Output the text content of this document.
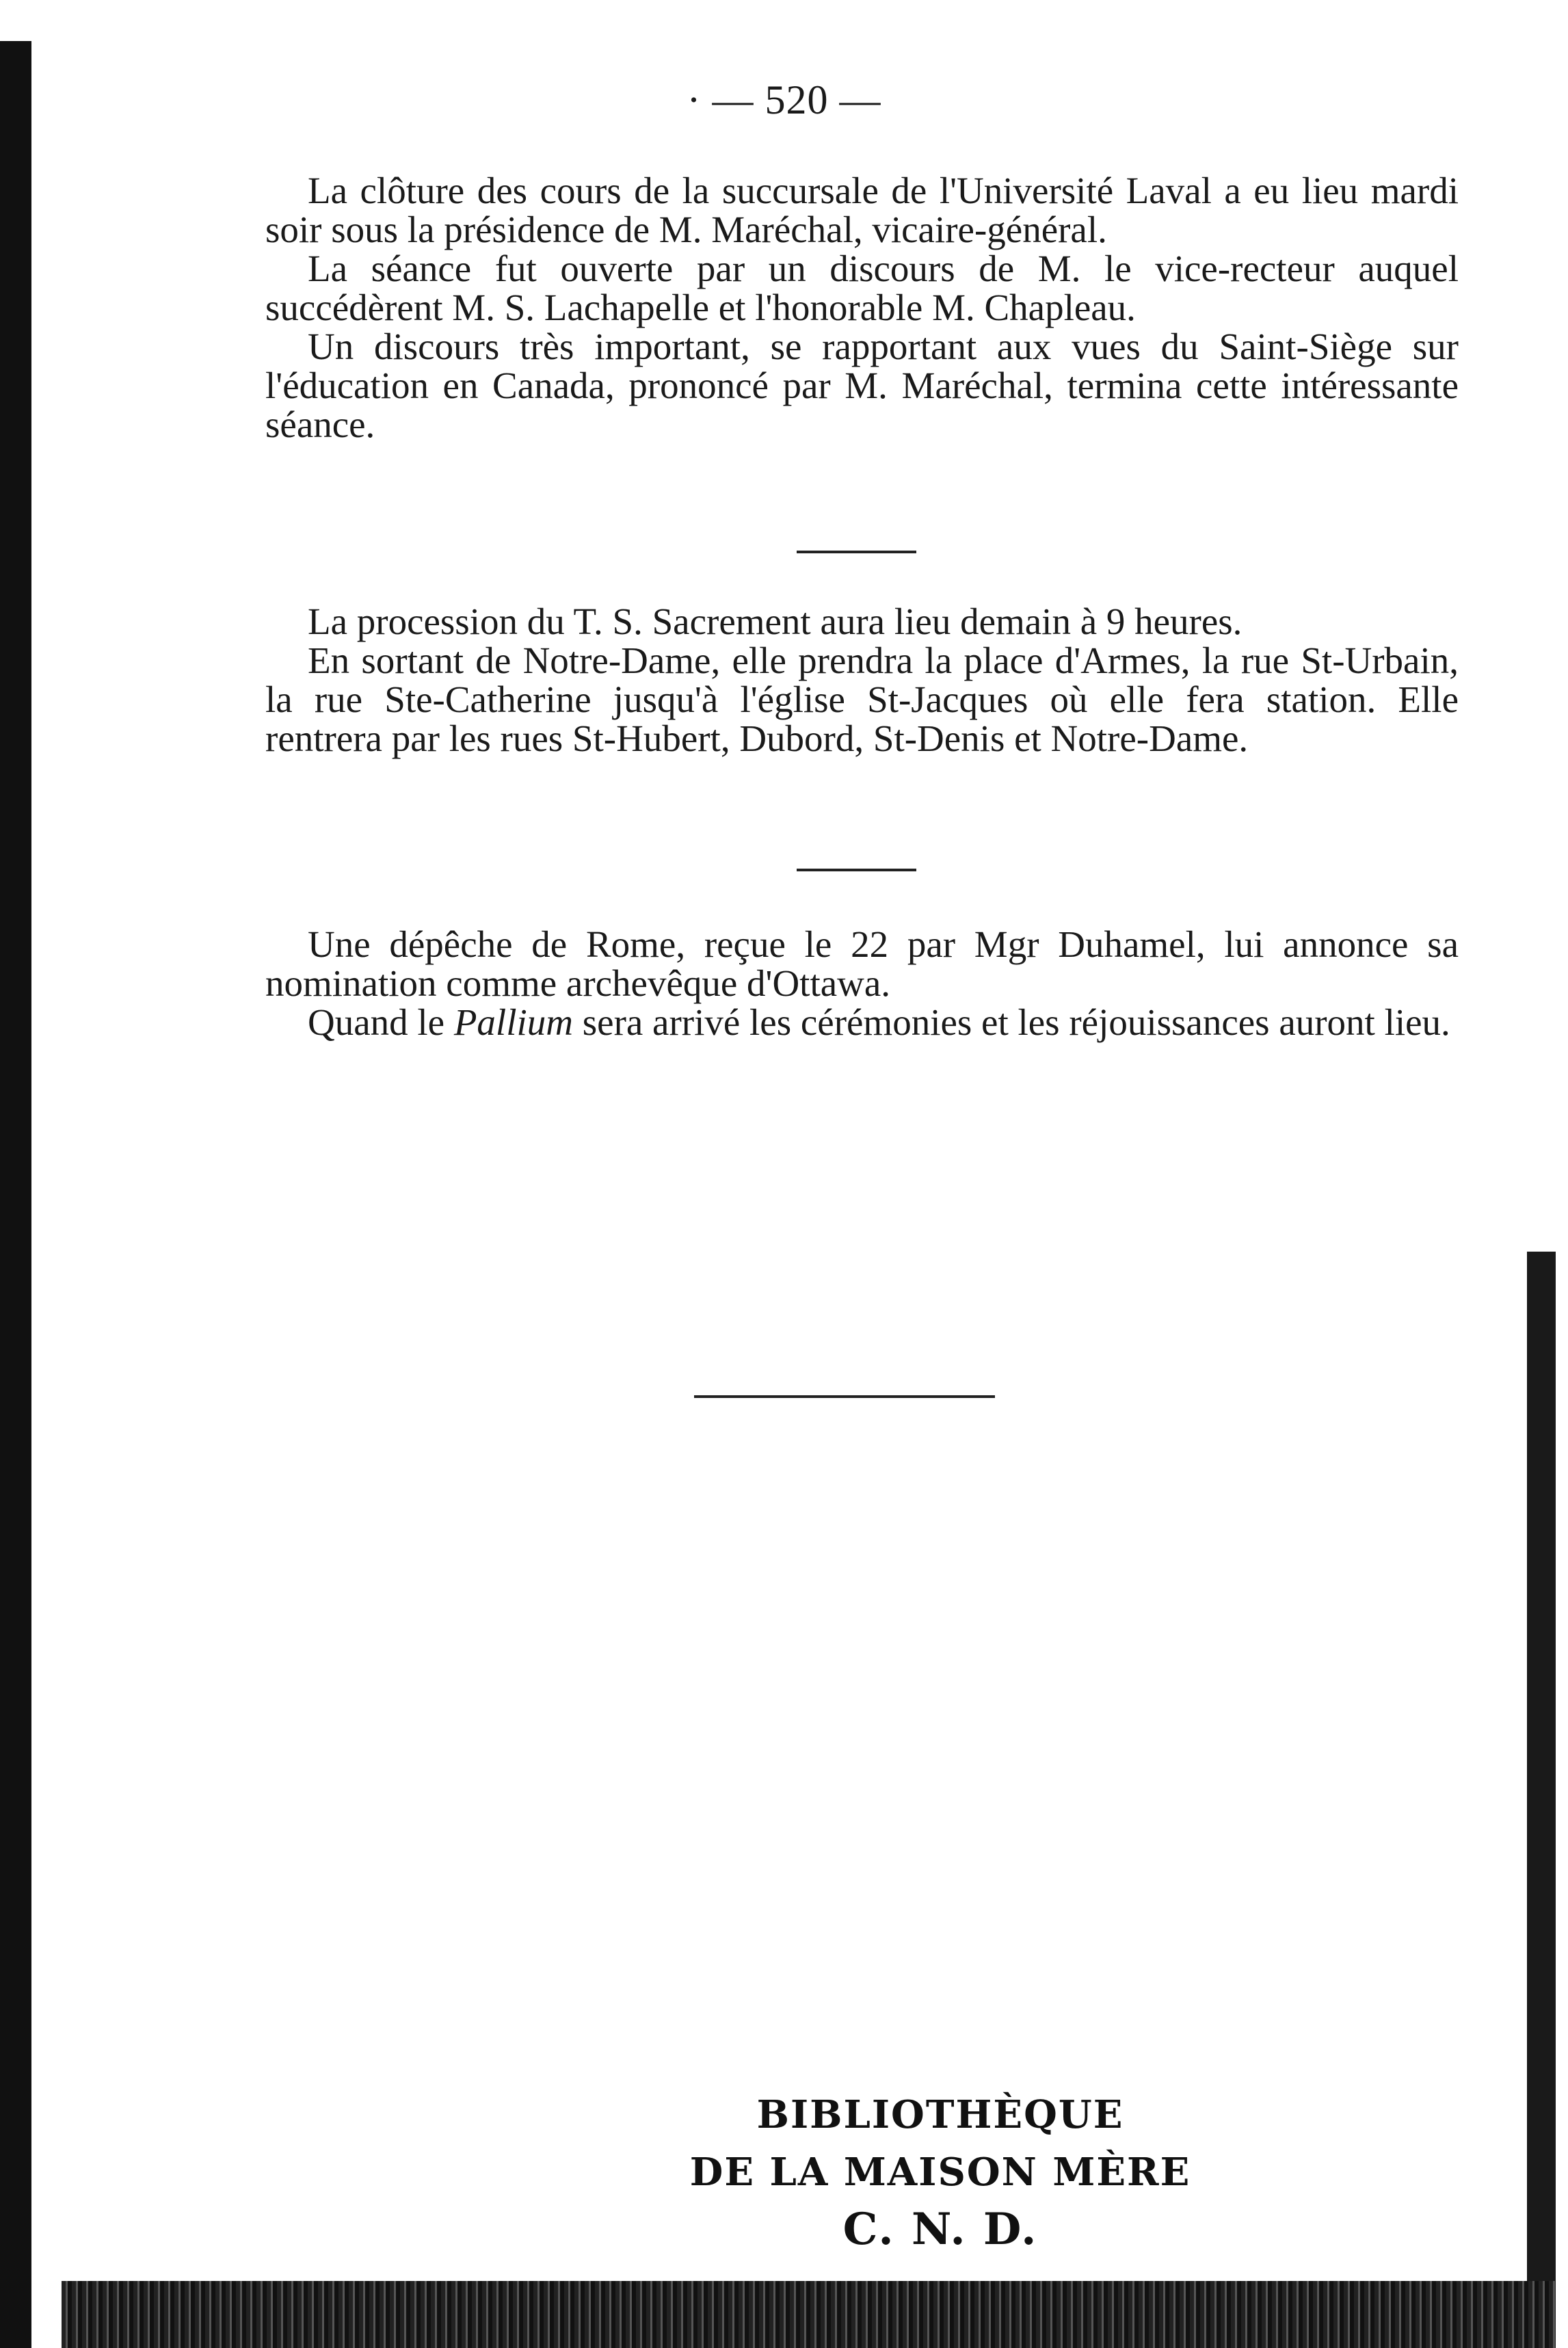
· — 520 —

La clôture des cours de la succursale de l'Université Laval a eu lieu mardi soir sous la présidence de M. Maréchal, vicaire-général.

La séance fut ouverte par un discours de M. le vice-recteur auquel succédèrent M. S. Lachapelle et l'honorable M. Chapleau.

Un discours très important, se rapportant aux vues du Saint-Siège sur l'éducation en Canada, prononcé par M. Maréchal, termina cette intéressante séance.

La procession du T. S. Sacrement aura lieu demain à 9 heures.

En sortant de Notre-Dame, elle prendra la place d'Armes, la rue St-Urbain, la rue Ste-Catherine jusqu'à l'église St-Jacques où elle fera station. Elle rentrera par les rues St-Hubert, Dubord, St-Denis et Notre-Dame.

Une dépêche de Rome, reçue le 22 par Mgr Duhamel, lui annonce sa nomination comme archevêque d'Ottawa.

Quand le Pallium sera arrivé les cérémonies et les réjouissances auront lieu.

BIBLIOTHÈQUE
DE LA MAISON MÈRE
C. N. D.
